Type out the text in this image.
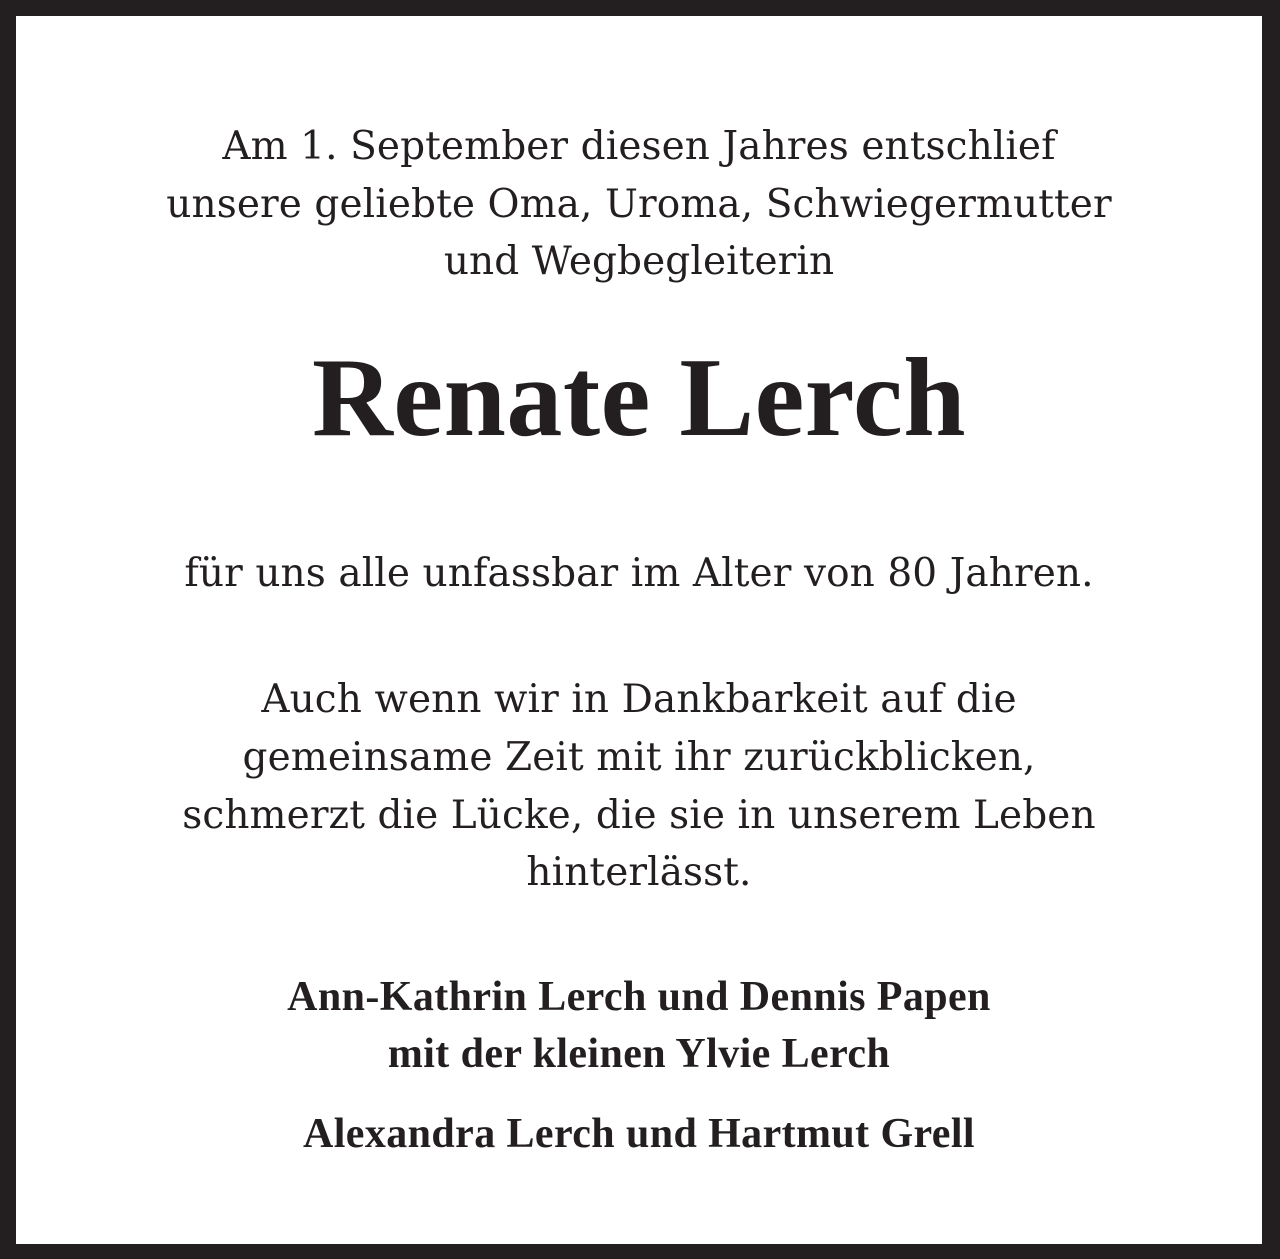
Am 1. September diesen Jahres entschlief
unsere geliebte Oma, Uroma, Schwiegermutter
und Wegbegleiterin
Renate Lerch
für uns alle unfassbar im Alter von 80 Jahren.
Auch wenn wir in Dankbarkeit auf die
gemeinsame Zeit mit ihr zurückblicken,
schmerzt die Lücke, die sie in unserem Leben
hinterlässt.
Ann-Kathrin Lerch und Dennis Papen
mit der kleinen Ylvie Lerch
Alexandra Lerch und Hartmut Grell
